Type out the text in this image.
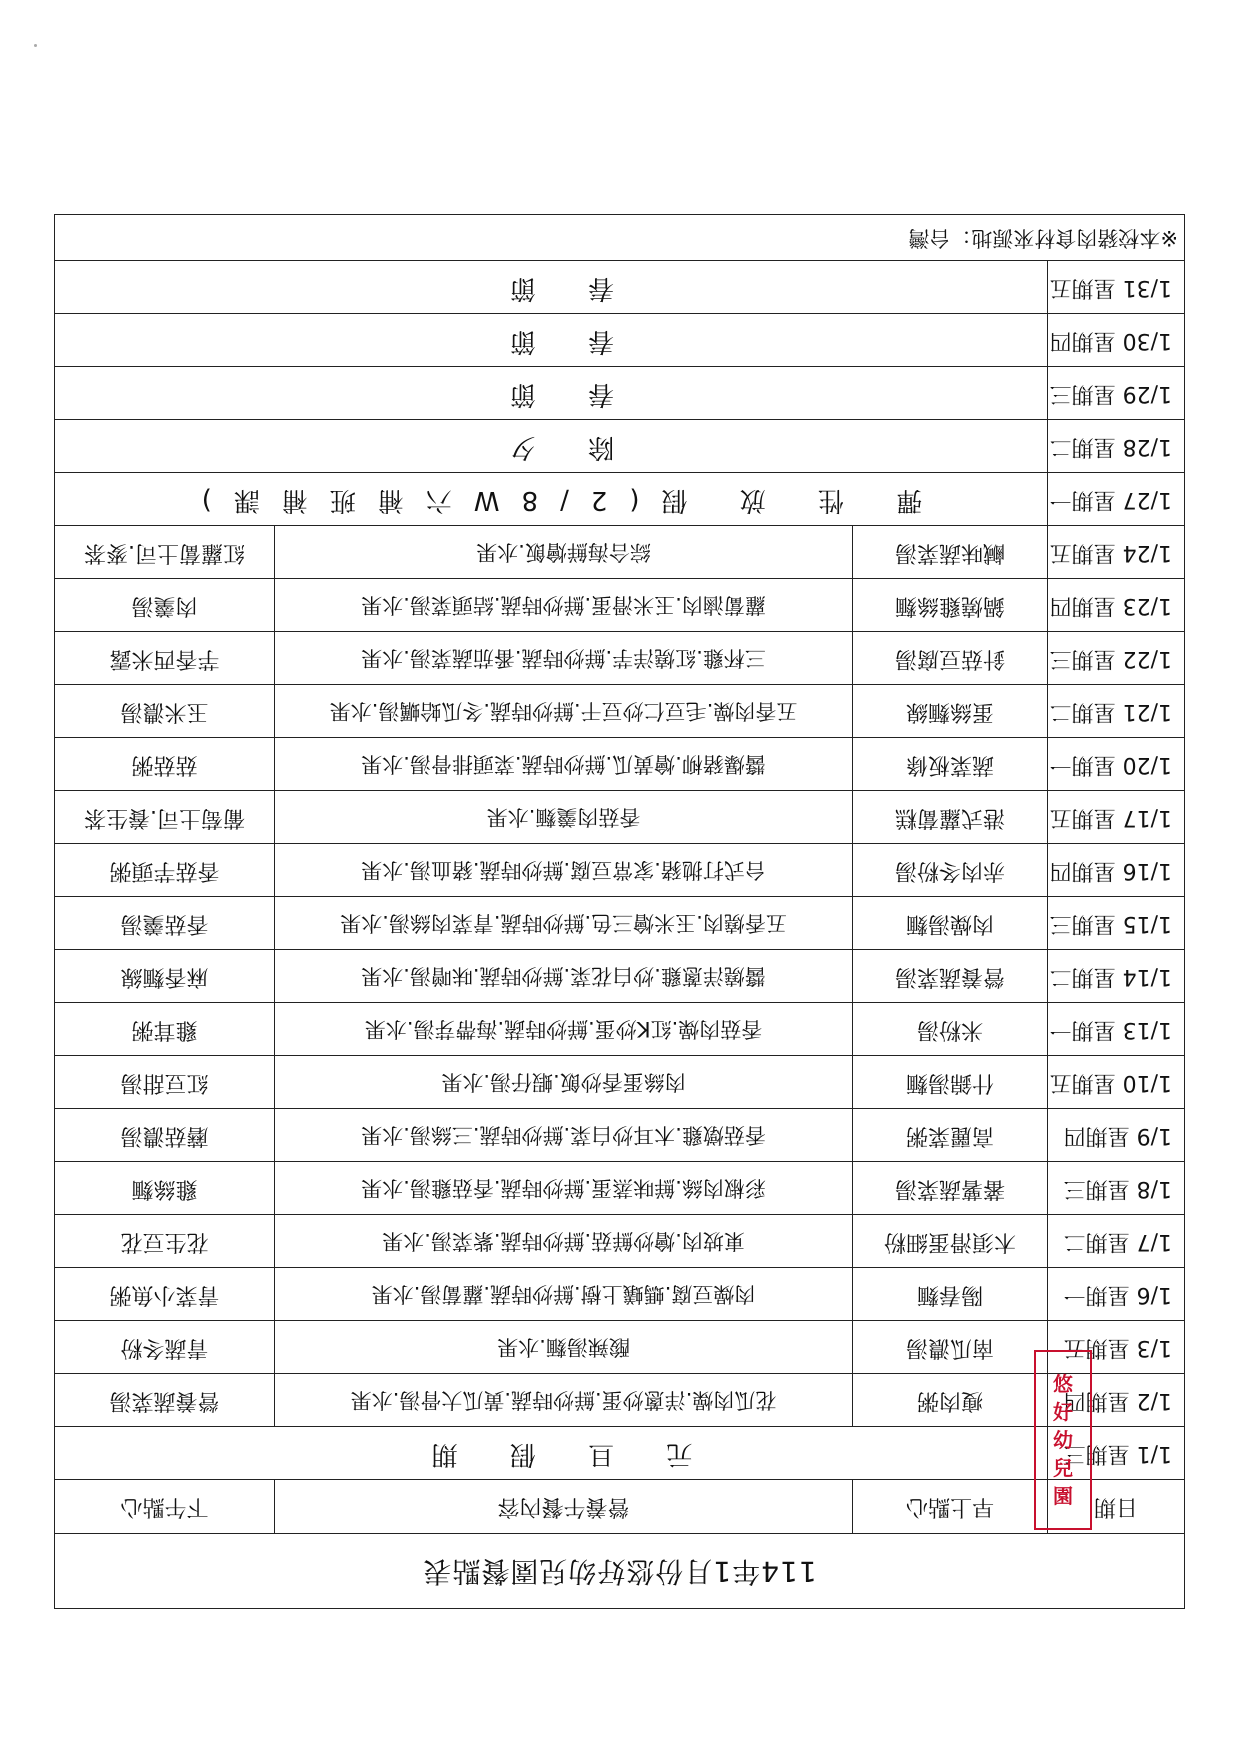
114年1月份悠好幼兒園餐點表			
日期	早上點心	營養午餐內容	下午點心
1/1 星期三	元 旦 假 期		
1/2 星期四	瘦肉粥	花瓜肉燥.洋蔥炒蛋.鮮炒時蔬.黃瓜大骨湯.水果	營養蔬菜湯
1/3 星期五	南瓜濃湯	酸辣湯麵.水果	青蔬冬粉
1/6 星期一	陽春麵	肉燥豆腐.螞蟻上樹.鮮炒時蔬.蘿蔔湯.水果	青菜小魚粥
1/7 星期二	木須滑蛋細粉	東坡肉.燴炒鮮菇.鮮炒時蔬.紫菜湯.水果	花生豆花
1/8 星期三	蕃薯蔬菜湯	彩椒肉絲.鮮味蒸蛋.鮮炒時蔬.香菇雞湯.水果	雞絲麵
1/9 星期四	高麗菜粥	香菇燉雞.木耳炒白菜.鮮炒時蔬.三絲湯.水果	蘑菇濃湯
1/10 星期五	什錦湯麵	肉絲蛋香炒飯.蝦仔湯.水果	紅豆甜湯
1/13 星期一	米粉湯	香菇肉燥.紅K炒蛋.鮮炒時蔬.海帶芽湯.水果	雞茸粥
1/14 星期二	營養蔬菜湯	醬燒洋蔥雞.炒白花菜.鮮炒時蔬.味噌湯.水果	麻香麵線
1/15 星期三	肉燥湯麵	五香燒肉.玉米燴三色.鮮炒時蔬.青菜肉絲湯.水果	香菇羹湯
1/16 星期四	赤肉冬粉湯	台式打拋豬.家常豆腐.鮮炒時蔬.豬血湯.水果	香菇芋頭粥
1/17 星期五	港式蘿蔔糕	香菇肉羹麵.水果	葡萄土司.養生茶
1/20 星期一	蔬菜板條	醬爆豬柳.燴黃瓜.鮮炒時蔬.菜頭排骨湯.水果	菇菇粥
1/21 星期二	蛋絲麵線	五香肉燥.毛豆仁炒豆干.鮮炒時蔬.冬瓜蛤蠣湯.水果	玉米濃湯
1/22 星期三	針菇豆腐湯	三杯雞.紅燒洋芋.鮮炒時蔬.番茄蔬菜湯.水果	芋香西米露
1/23 星期四	鍋燒雞絲麵	蘿蔔滷肉.玉米滑蛋.鮮炒時蔬.結頭菜湯.水果	肉羹湯
1/24 星期五	鹹味蔬菜湯	綜合海鮮燴飯.水果	紅蘿蔔土司.麥茶
1/27 星期一	彈 性 放 假(2/8W六補班補課)		
1/28 星期二	除 夕		
1/29 星期三	春 節		
1/30 星期四	春 節		
1/31 星期五	春 節		
※本校豬肉食材來源地：台灣			
悠
好
幼
兒
園
